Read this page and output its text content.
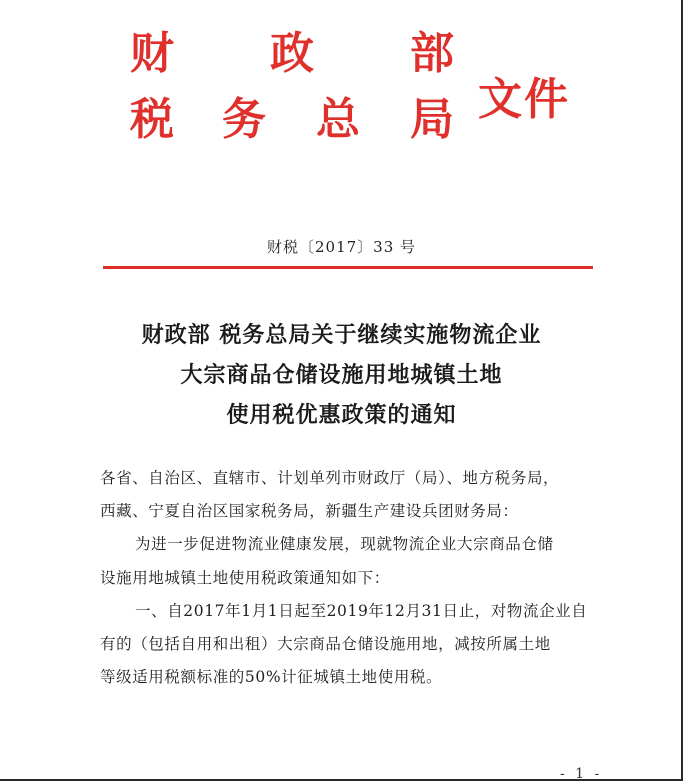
财 政 部
税 务 总 局 文件
财税〔2017〕33 号
财政部 税务总局关于继续实施物流企业
大宗商品仓储设施用地城镇土地
使用税优惠政策的通知
各省、自治区、直辖市、计划单列市财政厅（局）、地方税务局，
西藏、宁夏自治区国家税务局，新疆生产建设兵团财务局：
为进一步促进物流业健康发展，现就物流企业大宗商品仓储
设施用地城镇土地使用税政策通知如下：
一、自2017年1月1日起至2019年12月31日止，对物流企业自
有的（包括自用和出租）大宗商品仓储设施用地，减按所属土地
等级适用税额标准的50%计征城镇土地使用税。
- 1 -
